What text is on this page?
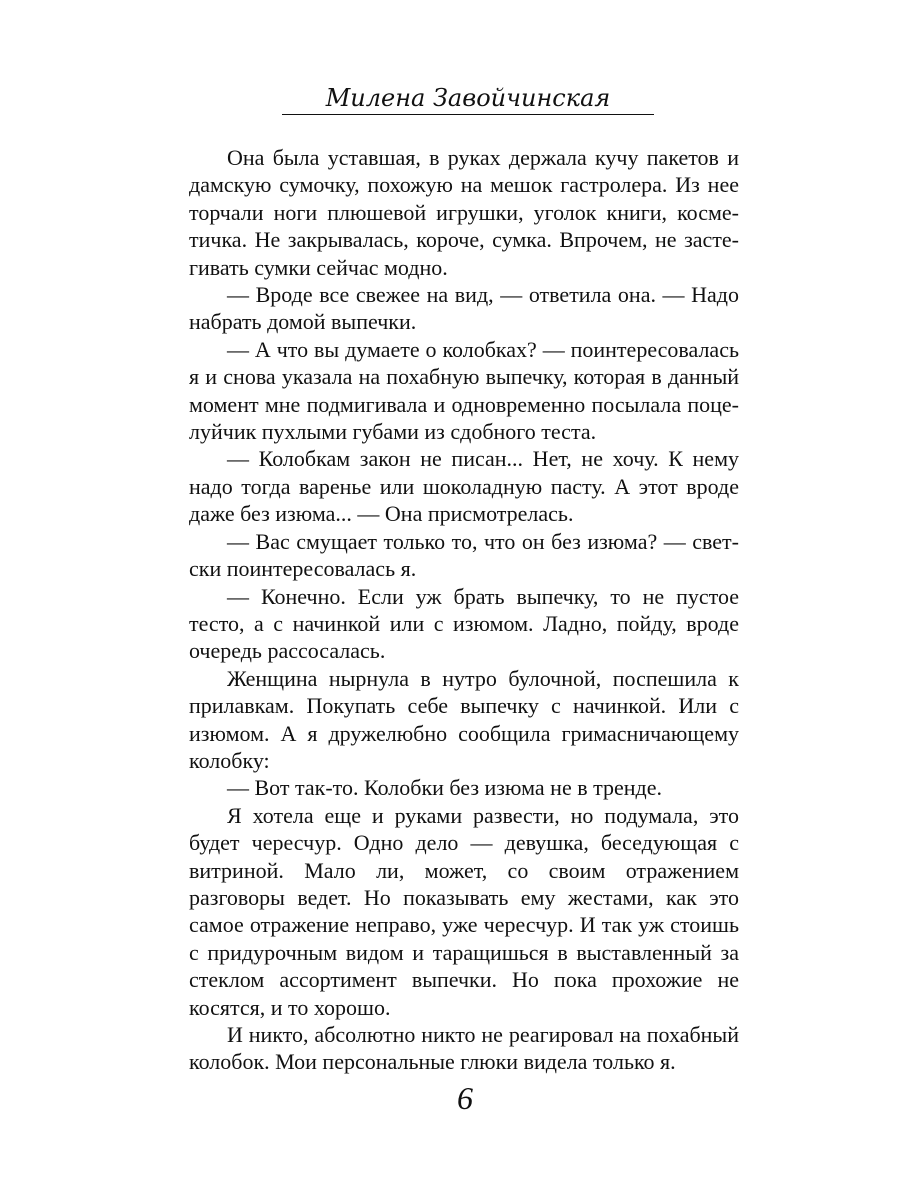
Милена Завойчинская

Она была уставшая, в руках держала кучу пакетов и дамскую сумочку, похожую на мешок гастролера. Из нее торчали ноги плюшевой игрушки, уголок книги, косметичка. Не закрывалась, короче, сумка. Впрочем, не застегивать сумки сейчас модно.

— Вроде все свежее на вид, — ответила она. — Надо набрать домой выпечки.

— А что вы думаете о колобках? — поинтересовалась я и снова указала на похабную выпечку, которая в данный момент мне подмигивала и одновременно посылала поцелуйчик пухлыми губами из сдобного теста.

— Колобкам закон не писан... Нет, не хочу. К нему надо тогда варенье или шоколадную пасту. А этот вроде даже без изюма... — Она присмотрелась.

— Вас смущает только то, что он без изюма? — светски поинтересовалась я.

— Конечно. Если уж брать выпечку, то не пустое тесто, а с начинкой или с изюмом. Ладно, пойду, вроде очередь рассосалась.

Женщина нырнула в нутро булочной, поспешила к прилавкам. Покупать себе выпечку с начинкой. Или с изюмом. А я дружелюбно сообщила гримасничающему колобку:

— Вот так-то. Колобки без изюма не в тренде.

Я хотела еще и руками развести, но подумала, это будет чересчур. Одно дело — девушка, беседующая с витриной. Мало ли, может, со своим отражением разговоры ведет. Но показывать ему жестами, как это самое отражение неправо, уже чересчур. И так уж стоишь с придурочным видом и таращишься в выставленный за стеклом ассортимент выпечки. Но пока прохожие не косятся, и то хорошо.

И никто, абсолютно никто не реагировал на похабный колобок. Мои персональные глюки видела только я.

6
